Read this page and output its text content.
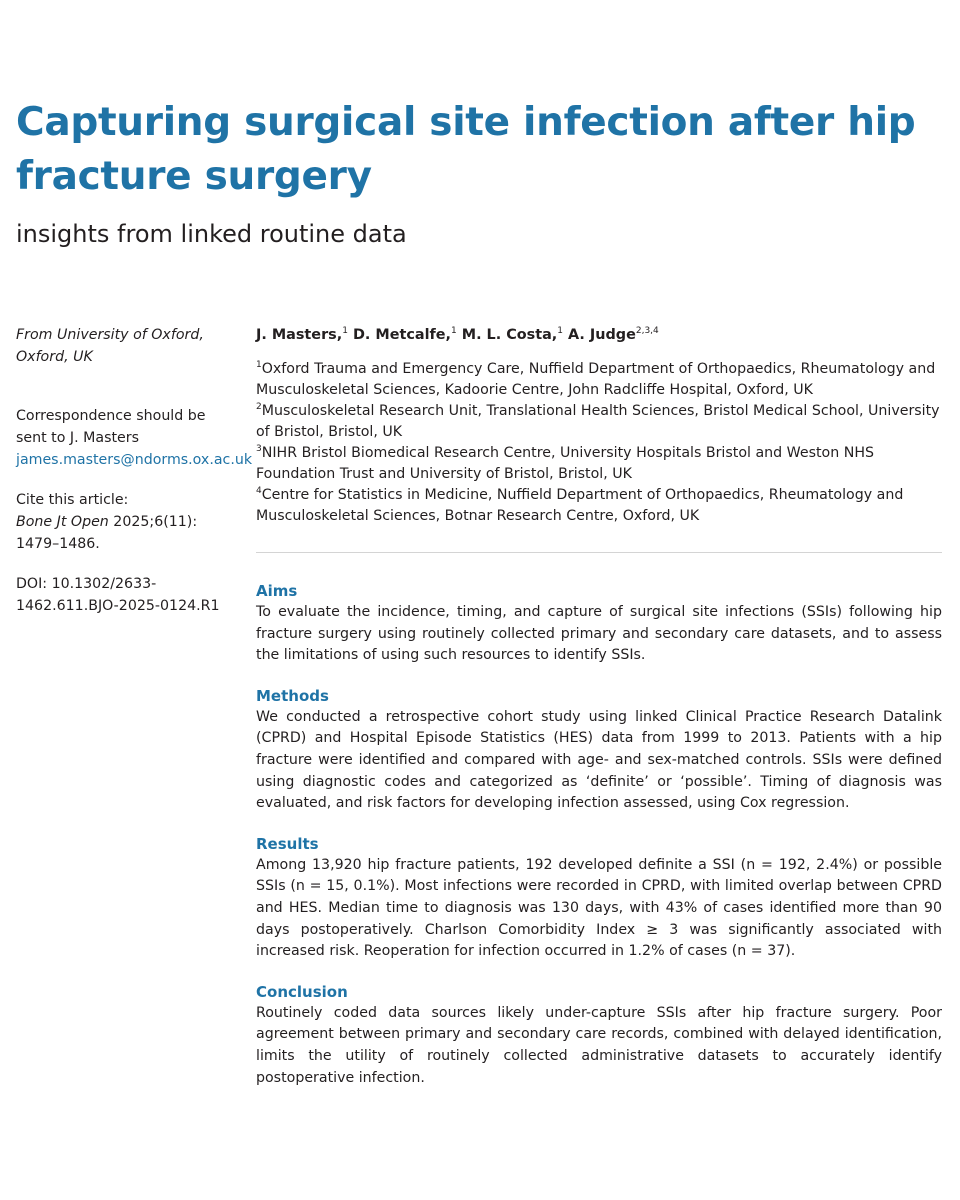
Capturing surgical site infection after hip fracture surgery
insights from linked routine data

From University of Oxford,
Oxford, UK

Correspondence should be sent to J. Masters james.masters@ndorms.ox.ac.uk

Cite this article:
Bone Jt Open 2025;6(11): 1479–1486.

DOI: 10.1302/2633-1462.611.BJO-2025-0124.R1

J. Masters,$^1$ D. Metcalfe,$^1$ M. L. Costa,$^1$ A. Judge$^{2,3,4}$

$^1$Oxford Trauma and Emergency Care, Nuffield Department of Orthopaedics, Rheumatology and Musculoskeletal Sciences, Kadoorie Centre, John Radcliffe Hospital, Oxford, UK

$^2$Musculoskeletal Research Unit, Translational Health Sciences, Bristol Medical School, University of Bristol, Bristol, UK

$^3$NIHR Bristol Biomedical Research Centre, University Hospitals Bristol and Weston NHS Foundation Trust and University of Bristol, Bristol, UK

$^4$Centre for Statistics in Medicine, Nuffield Department of Orthopaedics, Rheumatology and Musculoskeletal Sciences, Botnar Research Centre, Oxford, UK

Aims

To evaluate the incidence, timing, and capture of surgical site infections (SSIs) following hip fracture surgery using routinely collected primary and secondary care datasets, and to assess the limitations of using such resources to identify SSIs.

Methods

We conducted a retrospective cohort study using linked Clinical Practice Research Datalink (CPRD) and Hospital Episode Statistics (HES) data from 1999 to 2013. Patients with a hip fracture were identified and compared with age- and sex-matched controls. SSIs were defined using diagnostic codes and categorized as ‘definite’ or ‘possible’. Timing of diagnosis was evaluated, and risk factors for developing infection assessed, using Cox regression.

Results

Among 13,920 hip fracture patients, 192 developed definite a SSI (n = 192, 2.4%) or possible SSIs (n = 15, 0.1%). Most infections were recorded in CPRD, with limited overlap between CPRD and HES. Median time to diagnosis was 130 days, with 43% of cases identified more than 90 days postoperatively. Charlson Comorbidity Index ≥ 3 was significantly associated with increased risk. Reoperation for infection occurred in 1.2% of cases (n = 37).

Conclusion

Routinely coded data sources likely under-capture SSIs after hip fracture surgery. Poor agreement between primary and secondary care records, combined with delayed identification, limits the utility of routinely collected administrative datasets to accurately identify postoperative infection.
